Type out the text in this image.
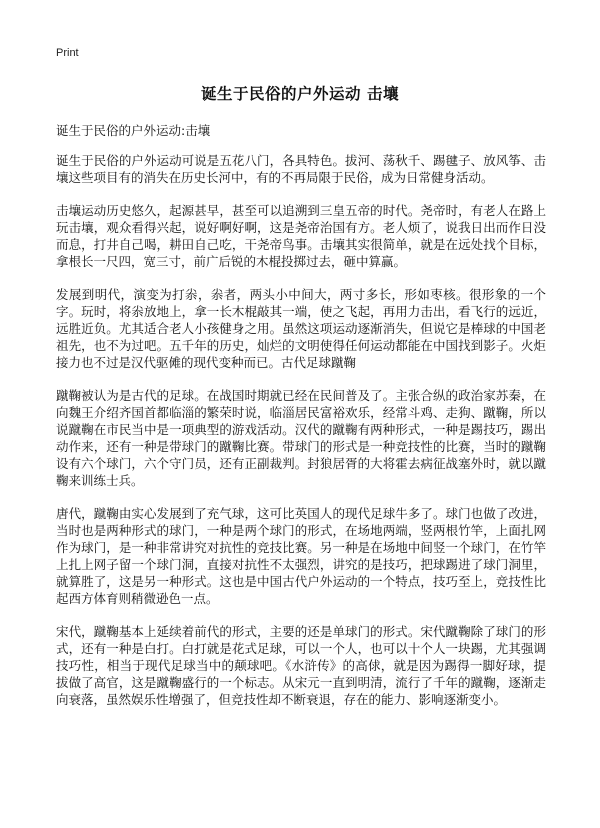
Print
诞生于民俗的户外运动 击壤
诞生于民俗的户外运动:击壤

诞生于民俗的户外运动可说是五花八门，各具特色。拔河、荡秋千、踢毽子、放风筝、击壤这些项目有的消失在历史长河中，有的不再局限于民俗，成为日常健身活动。

击壤运动历史悠久，起源甚早，甚至可以追溯到三皇五帝的时代。尧帝时，有老人在路上玩击壤，观众看得兴起，说好啊好啊，这是尧帝治国有方。老人烦了，说我日出而作日没而息，打井自己喝，耕田自己吃，干尧帝鸟事。击壤其实很简单，就是在远处找个目标，拿根长一尺四，宽三寸，前广后锐的木棍投掷过去，砸中算赢。

发展到明代，演变为打尜，尜者，两头小中间大，两寸多长，形如枣核。很形象的一个字。玩时，将尜放地上，拿一长木棍敲其一端，使之飞起，再用力击出，看飞行的远近，远胜近负。尤其适合老人小孩健身之用。虽然这项运动逐渐消失，但说它是棒球的中国老祖先，也不为过吧。五千年的历史，灿烂的文明使得任何运动都能在中国找到影子。火炬接力也不过是汉代驱傩的现代变种而已。古代足球蹴鞠

蹴鞠被认为是古代的足球。在战国时期就已经在民间普及了。主张合纵的政治家苏秦，在向魏王介绍齐国首都临淄的繁荣时说，临淄居民富裕欢乐，经常斗鸡、走狗、蹴鞠，所以说蹴鞠在市民当中是一项典型的游戏活动。汉代的蹴鞠有两种形式，一种是踢技巧，踢出动作来，还有一种是带球门的蹴鞠比赛。带球门的形式是一种竞技性的比赛，当时的蹴鞠设有六个球门，六个守门员，还有正副裁判。封狼居胥的大将霍去病征战塞外时，就以蹴鞠来训练士兵。

唐代，蹴鞠由实心发展到了充气球，这可比英国人的现代足球牛多了。球门也做了改进，当时也是两种形式的球门，一种是两个球门的形式，在场地两端，竖两根竹竿，上面扎网作为球门，是一种非常讲究对抗性的竞技比赛。另一种是在场地中间竖一个球门，在竹竿上扎上网子留一个球门洞，直接对抗性不太强烈，讲究的是技巧，把球踢进了球门洞里，就算胜了，这是另一种形式。这也是中国古代户外运动的一个特点，技巧至上，竞技性比起西方体育则稍微逊色一点。

宋代，蹴鞠基本上延续着前代的形式，主要的还是单球门的形式。宋代蹴鞠除了球门的形式，还有一种是白打。白打就是花式足球，可以一个人，也可以十个人一块踢，尤其强调技巧性，相当于现代足球当中的颠球吧。《水浒传》的高俅，就是因为踢得一脚好球，提拔做了高官，这是蹴鞠盛行的一个标志。从宋元一直到明清，流行了千年的蹴鞠，逐渐走向衰落，虽然娱乐性增强了，但竞技性却不断衰退，存在的能力、影响逐渐变小。
